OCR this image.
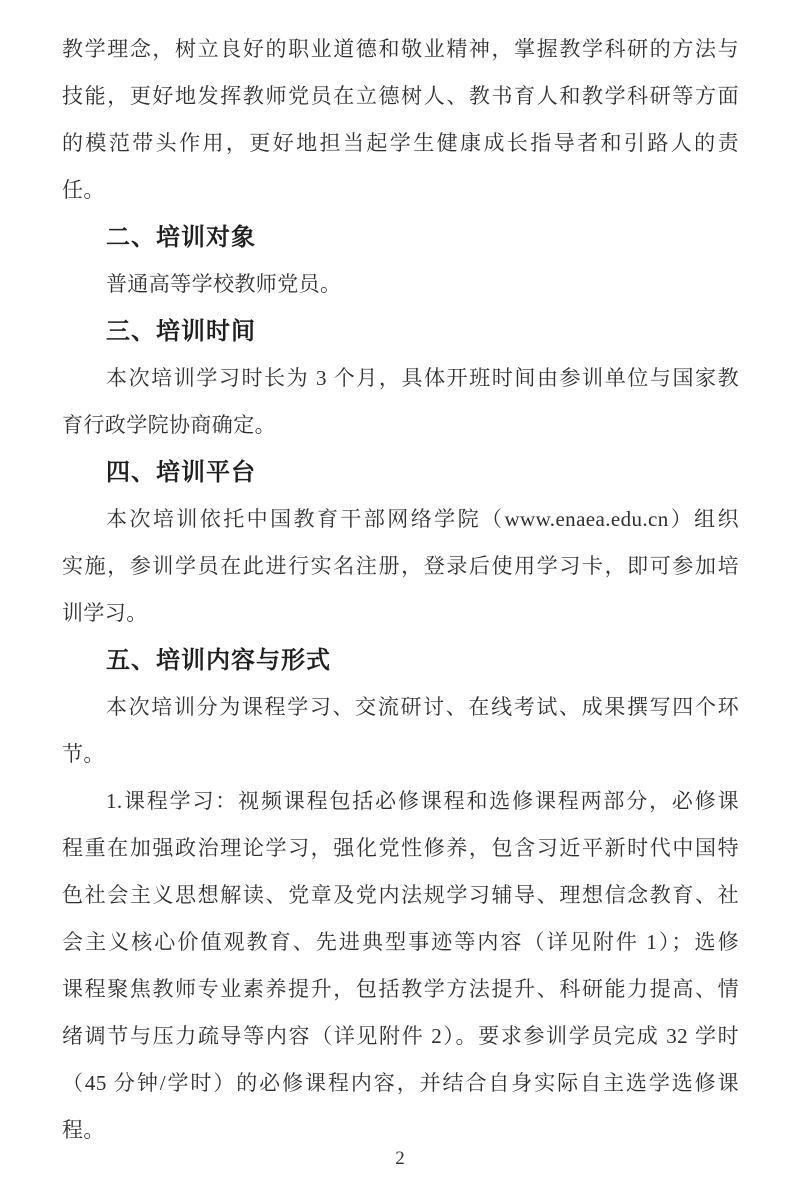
教学理念，树立良好的职业道德和敬业精神，掌握教学科研的方法与
技能，更好地发挥教师党员在立德树人、教书育人和教学科研等方面
的模范带头作用，更好地担当起学生健康成长指导者和引路人的责
任。
二、培训对象
普通高等学校教师党员。
三、培训时间
本次培训学习时长为 3 个月，具体开班时间由参训单位与国家教
育行政学院协商确定。
四、培训平台
本次培训依托中国教育干部网络学院（www.enaea.edu.cn）组织
实施，参训学员在此进行实名注册，登录后使用学习卡，即可参加培
训学习。
五、培训内容与形式
本次培训分为课程学习、交流研讨、在线考试、成果撰写四个环
节。
1.课程学习：视频课程包括必修课程和选修课程两部分，必修课
程重在加强政治理论学习，强化党性修养，包含习近平新时代中国特
色社会主义思想解读、党章及党内法规学习辅导、理想信念教育、社
会主义核心价值观教育、先进典型事迹等内容（详见附件 1）；选修
课程聚焦教师专业素养提升，包括教学方法提升、科研能力提高、情
绪调节与压力疏导等内容（详见附件 2）。要求参训学员完成 32 学时
（45 分钟/学时）的必修课程内容，并结合自身实际自主选学选修课
程。
2
